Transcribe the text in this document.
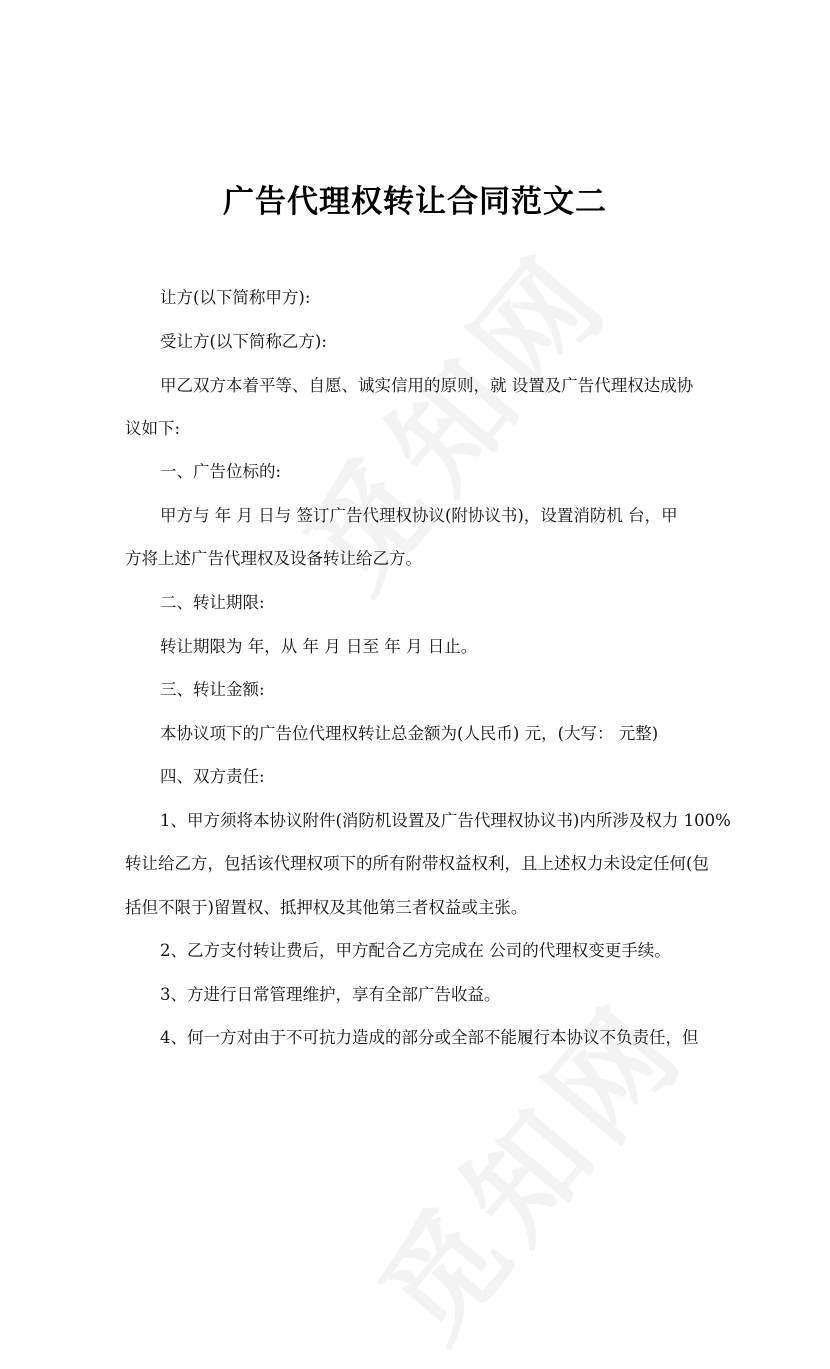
广告代理权转让合同范文二

让方(以下简称甲方):

受让方(以下简称乙方):

甲乙双方本着平等、自愿、诚实信用的原则，就 设置及广告代理权达成协

议如下:

一、广告位标的:

甲方与 年 月 日与 签订广告代理权协议(附协议书)，设置消防机 台，甲

方将上述广告代理权及设备转让给乙方。

二、转让期限:

转让期限为 年，从 年 月 日至 年 月 日止。

三、转让金额:

本协议项下的广告位代理权转让总金额为(人民币) 元，(大写： 元整)

四、双方责任:

1、甲方须将本协议附件(消防机设置及广告代理权协议书)内所涉及权力 100%

转让给乙方，包括该代理权项下的所有附带权益权利，且上述权力未设定任何(包

括但不限于)留置权、抵押权及其他第三者权益或主张。

2、乙方支付转让费后，甲方配合乙方完成在 公司的代理权变更手续。

3、方进行日常管理维护，享有全部广告收益。

4、何一方对由于不可抗力造成的部分或全部不能履行本协议不负责任，但
